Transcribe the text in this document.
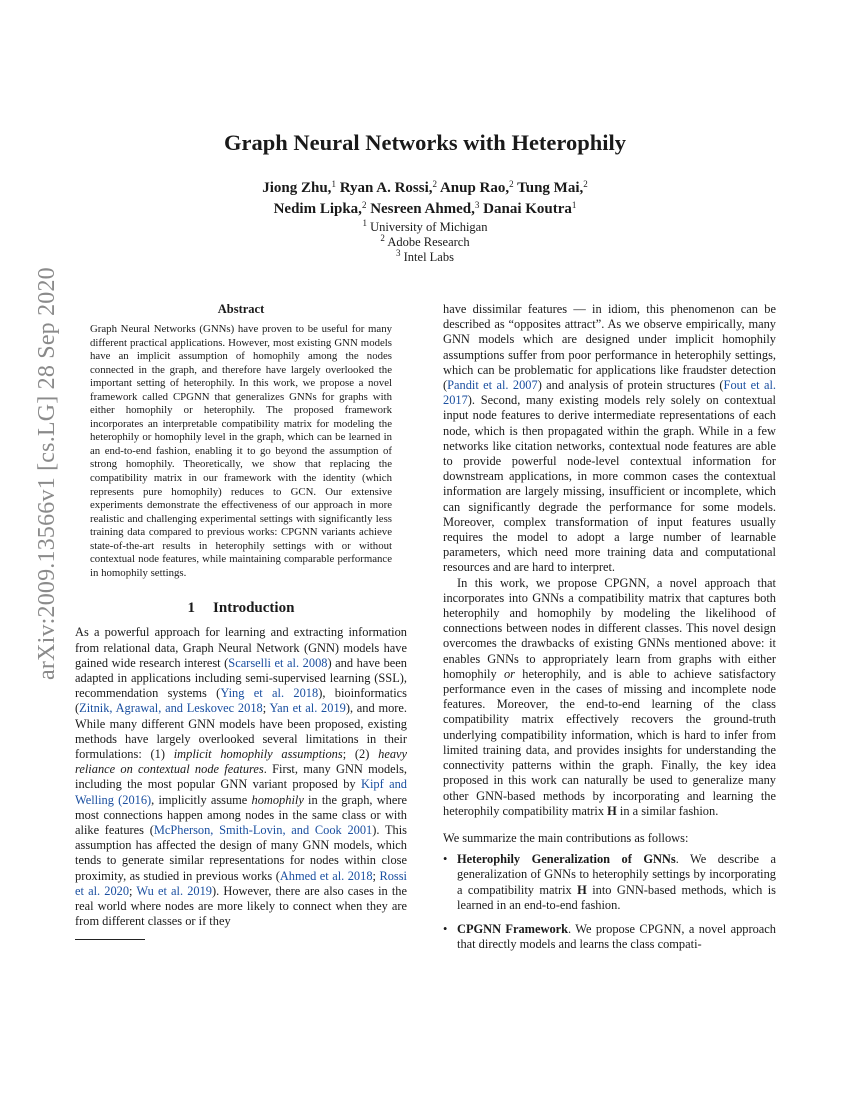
arXiv:2009.13566v1 [cs.LG] 28 Sep 2020
Graph Neural Networks with Heterophily
Jiong Zhu,$^1$ Ryan A. Rossi,$^2$ Anup Rao,$^2$ Tung Mai,$^2$
Nedim Lipka,$^2$ Nesreen Ahmed,$^3$ Danai Koutra$^1$
$^1$ University of Michigan
$^2$ Adobe Research
$^3$ Intel Labs
Abstract

Graph Neural Networks (GNNs) have proven to be useful for many different practical applications. However, most existing GNN models have an implicit assumption of homophily among the nodes connected in the graph, and therefore have largely overlooked the important setting of heterophily. In this work, we propose a novel framework called CPGNN that generalizes GNNs for graphs with either homophily or heterophily. The proposed framework incorporates an interpretable compatibility matrix for modeling the heterophily or homophily level in the graph, which can be learned in an end-to-end fashion, enabling it to go beyond the assumption of strong homophily. Theoretically, we show that replacing the compatibility matrix in our framework with the identity (which represents pure homophily) reduces to GCN. Our extensive experiments demonstrate the effectiveness of our approach in more realistic and challenging experimental settings with significantly less training data compared to previous works: CPGNN variants achieve state-of-the-art results in heterophily settings with or without contextual node features, while maintaining comparable performance in homophily settings.

1 Introduction

As a powerful approach for learning and extracting information from relational data, Graph Neural Network (GNN) models have gained wide research interest (Scarselli et al. 2008) and have been adapted in applications including semi-supervised learning (SSL), recommendation systems (Ying et al. 2018), bioinformatics (Zitnik, Agrawal, and Leskovec 2018; Yan et al. 2019), and more. While many different GNN models have been proposed, existing methods have largely overlooked several limitations in their formulations: (1) implicit homophily assumptions; (2) heavy reliance on contextual node features. First, many GNN models, including the most popular GNN variant proposed by Kipf and Welling (2016), implicitly assume homophily in the graph, where most connections happen among nodes in the same class or with alike features (McPherson, Smith-Lovin, and Cook 2001). This assumption has affected the design of many GNN models, which tends to generate similar representations for nodes within close proximity, as studied in previous works (Ahmed et al. 2018; Rossi et al. 2020; Wu et al. 2019). However, there are also cases in the real world where nodes are more likely to connect when they are from different classes or if they

have dissimilar features — in idiom, this phenomenon can be described as “opposites attract”. As we observe empirically, many GNN models which are designed under implicit homophily assumptions suffer from poor performance in heterophily settings, which can be problematic for applications like fraudster detection (Pandit et al. 2007) and analysis of protein structures (Fout et al. 2017). Second, many existing models rely solely on contextual input node features to derive intermediate representations of each node, which is then propagated within the graph. While in a few networks like citation networks, contextual node features are able to provide powerful node-level contextual information for downstream applications, in more common cases the contextual information are largely missing, insufficient or incomplete, which can significantly degrade the performance for some models. Moreover, complex transformation of input features usually requires the model to adopt a large number of learnable parameters, which need more training data and computational resources and are hard to interpret.

In this work, we propose CPGNN, a novel approach that incorporates into GNNs a compatibility matrix that captures both heterophily and homophily by modeling the likelihood of connections between nodes in different classes. This novel design overcomes the drawbacks of existing GNNs mentioned above: it enables GNNs to appropriately learn from graphs with either homophily or heterophily, and is able to achieve satisfactory performance even in the cases of missing and incomplete node features. Moreover, the end-to-end learning of the class compatibility matrix effectively recovers the ground-truth underlying compatibility information, which is hard to infer from limited training data, and provides insights for understanding the connectivity patterns within the graph. Finally, the key idea proposed in this work can naturally be used to generalize many other GNN-based methods by incorporating and learning the heterophily compatibility matrix H in a similar fashion.

We summarize the main contributions as follows:

• Heterophily Generalization of GNNs. We describe a generalization of GNNs to heterophily settings by incorporating a compatibility matrix H into GNN-based methods, which is learned in an end-to-end fashion.
• CPGNN Framework. We propose CPGNN, a novel approach that directly models and learns the class compati-
